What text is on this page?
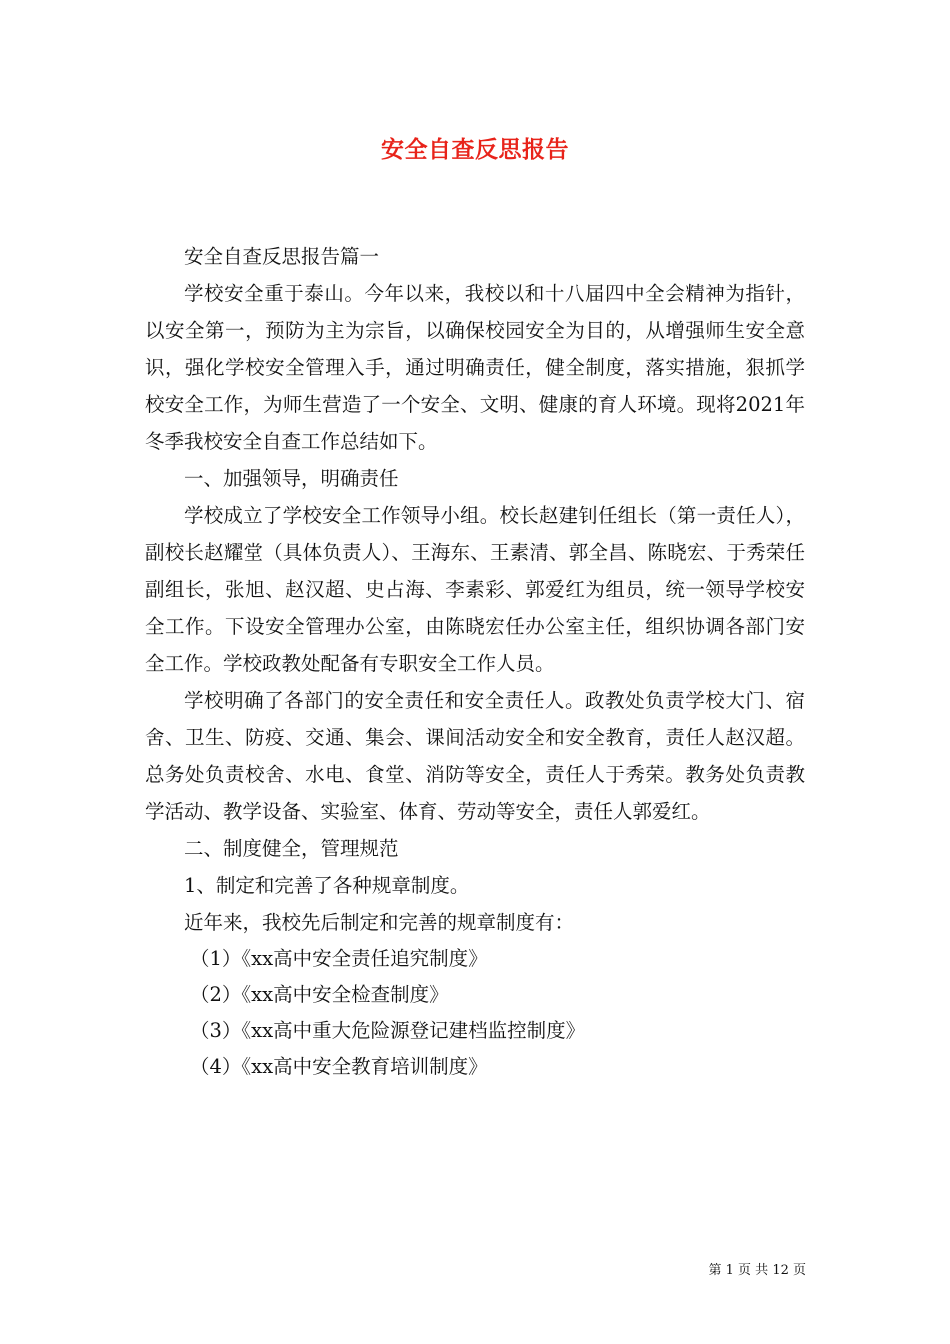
安全自查反思报告

安全自查反思报告篇一

学校安全重于泰山。今年以来，我校以和十八届四中全会精神为指针，以安全第一，预防为主为宗旨，以确保校园安全为目的，从增强师生安全意识，强化学校安全管理入手，通过明确责任，健全制度，落实措施，狠抓学校安全工作，为师生营造了一个安全、文明、健康的育人环境。现将2021年冬季我校安全自查工作总结如下。

一、加强领导，明确责任

学校成立了学校安全工作领导小组。校长赵建钊任组长（第一责任人），副校长赵耀堂（具体负责人）、王海东、王素清、郭全昌、陈晓宏、于秀荣任副组长，张旭、赵汉超、史占海、李素彩、郭爱红为组员，统一领导学校安全工作。下设安全管理办公室，由陈晓宏任办公室主任，组织协调各部门安全工作。学校政教处配备有专职安全工作人员。

学校明确了各部门的安全责任和安全责任人。政教处负责学校大门、宿舍、卫生、防疫、交通、集会、课间活动安全和安全教育，责任人赵汉超。总务处负责校舍、水电、食堂、消防等安全，责任人于秀荣。教务处负责教学活动、教学设备、实验室、体育、劳动等安全，责任人郭爱红。

二、制度健全，管理规范

1、制定和完善了各种规章制度。

近年来，我校先后制定和完善的规章制度有：

（1）《xx高中安全责任追究制度》

（2）《xx高中安全检查制度》

（3）《xx高中重大危险源登记建档监控制度》

（4）《xx高中安全教育培训制度》

第 1 页 共 12 页
